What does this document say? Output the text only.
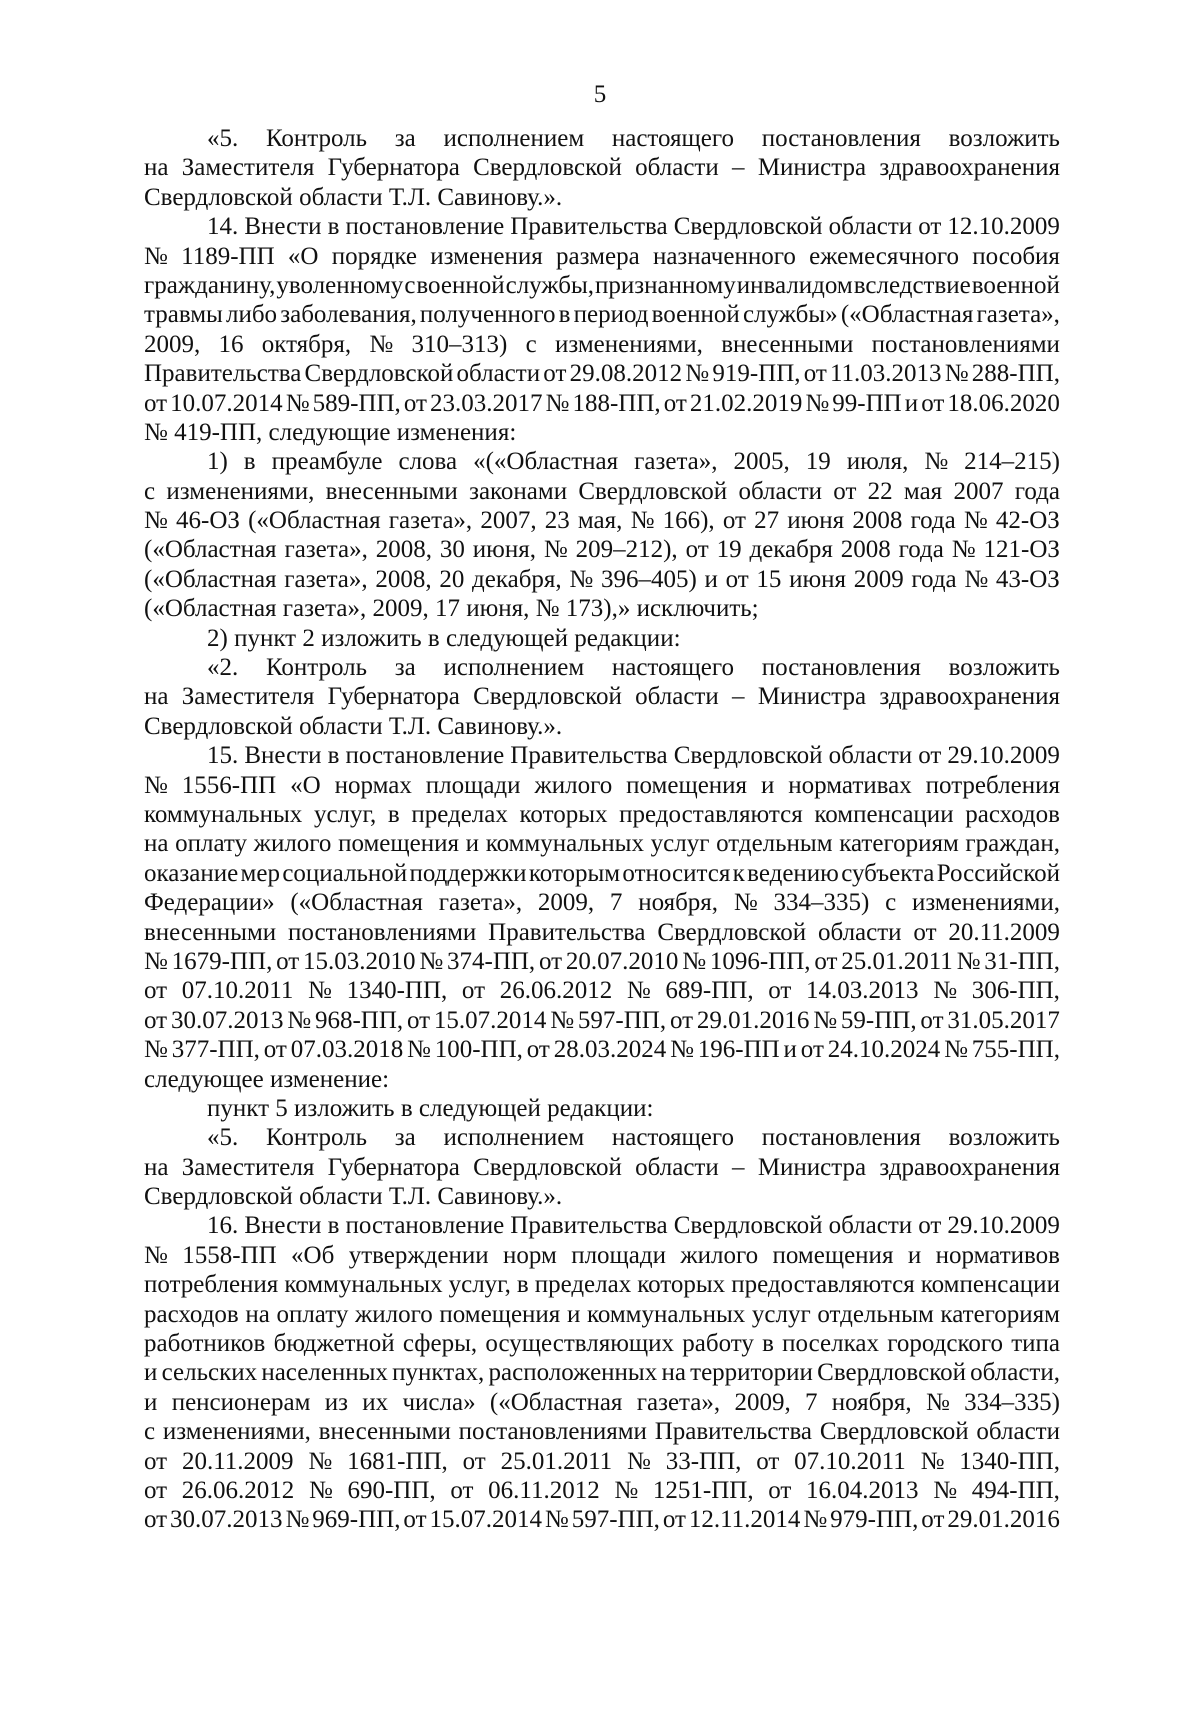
5
«5. Контроль за исполнением настоящего постановления возложить
на Заместителя Губернатора Свердловской области – Министра здравоохранения
Свердловской области Т.Л. Савинову.».
14. Внести в постановление Правительства Свердловской области от 12.10.2009
№ 1189-ПП «О порядке изменения размера назначенного ежемесячного пособия
гражданину, уволенному с военной службы, признанному инвалидом вследствие военной
травмы либо заболевания, полученного в период военной службы» («Областная газета»,
2009, 16 октября, № 310–313) с изменениями, внесенными постановлениями
Правительства Свердловской области от 29.08.2012 № 919-ПП, от 11.03.2013 № 288-ПП,
от 10.07.2014 № 589-ПП, от 23.03.2017 № 188-ПП, от 21.02.2019 № 99-ПП и от 18.06.2020
№ 419-ПП, следующие изменения:
1) в преамбуле слова «(«Областная газета», 2005, 19 июля, № 214–215)
с изменениями, внесенными законами Свердловской области от 22 мая 2007 года
№ 46-ОЗ («Областная газета», 2007, 23 мая, № 166), от 27 июня 2008 года № 42-ОЗ
(«Областная газета», 2008, 30 июня, № 209–212), от 19 декабря 2008 года № 121-ОЗ
(«Областная газета», 2008, 20 декабря, № 396–405) и от 15 июня 2009 года № 43-ОЗ
(«Областная газета», 2009, 17 июня, № 173),» исключить;
2) пункт 2 изложить в следующей редакции:
«2. Контроль за исполнением настоящего постановления возложить
на Заместителя Губернатора Свердловской области – Министра здравоохранения
Свердловской области Т.Л. Савинову.».
15. Внести в постановление Правительства Свердловской области от 29.10.2009
№ 1556-ПП «О нормах площади жилого помещения и нормативах потребления
коммунальных услуг, в пределах которых предоставляются компенсации расходов
на оплату жилого помещения и коммунальных услуг отдельным категориям граждан,
оказание мер социальной поддержки которым относится к ведению субъекта Российской
Федерации» («Областная газета», 2009, 7 ноября, № 334–335) с изменениями,
внесенными постановлениями Правительства Свердловской области от 20.11.2009
№ 1679-ПП, от 15.03.2010 № 374-ПП, от 20.07.2010 № 1096-ПП, от 25.01.2011 № 31-ПП,
от 07.10.2011 № 1340-ПП, от 26.06.2012 № 689-ПП, от 14.03.2013 № 306-ПП,
от 30.07.2013 № 968-ПП, от 15.07.2014 № 597-ПП, от 29.01.2016 № 59-ПП, от 31.05.2017
№ 377-ПП, от 07.03.2018 № 100-ПП, от 28.03.2024 № 196-ПП и от 24.10.2024 № 755-ПП,
следующее изменение:
пункт 5 изложить в следующей редакции:
«5. Контроль за исполнением настоящего постановления возложить
на Заместителя Губернатора Свердловской области – Министра здравоохранения
Свердловской области Т.Л. Савинову.».
16. Внести в постановление Правительства Свердловской области от 29.10.2009
№ 1558-ПП «Об утверждении норм площади жилого помещения и нормативов
потребления коммунальных услуг, в пределах которых предоставляются компенсации
расходов на оплату жилого помещения и коммунальных услуг отдельным категориям
работников бюджетной сферы, осуществляющих работу в поселках городского типа
и сельских населенных пунктах, расположенных на территории Свердловской области,
и пенсионерам из их числа» («Областная газета», 2009, 7 ноября, № 334–335)
с изменениями, внесенными постановлениями Правительства Свердловской области
от 20.11.2009 № 1681-ПП, от 25.01.2011 № 33-ПП, от 07.10.2011 № 1340-ПП,
от 26.06.2012 № 690-ПП, от 06.11.2012 № 1251-ПП, от 16.04.2013 № 494-ПП,
от 30.07.2013 № 969-ПП, от 15.07.2014 № 597-ПП, от 12.11.2014 № 979-ПП, от 29.01.2016
